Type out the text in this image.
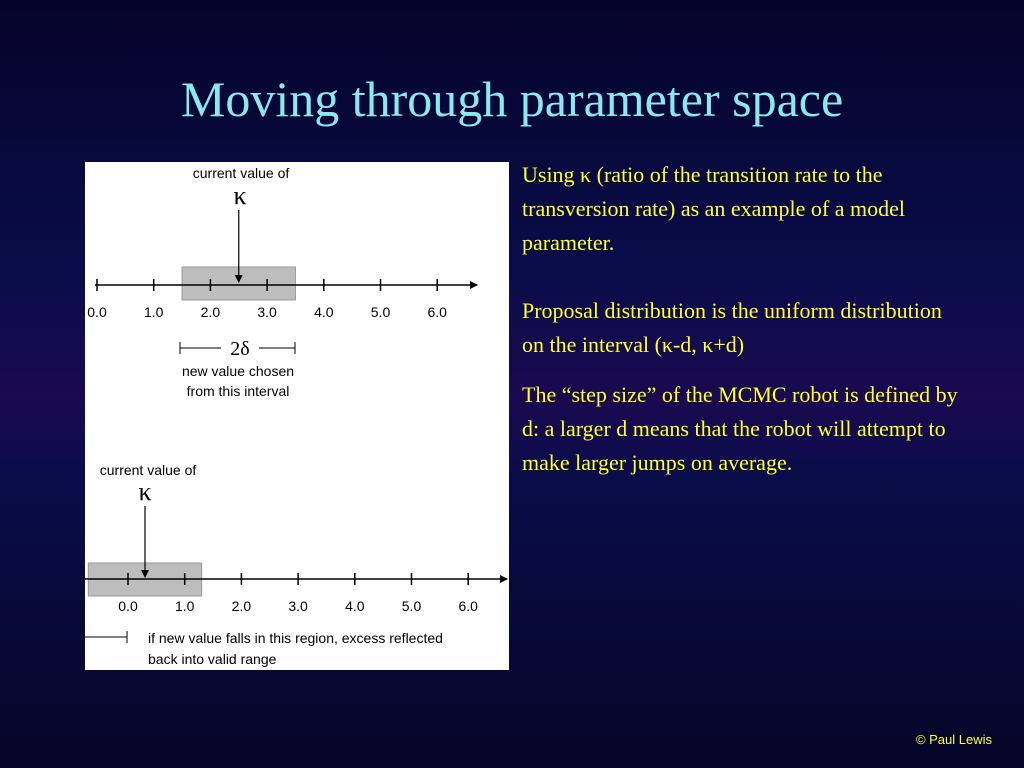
Moving through parameter space
current value of
κ
0.0	1.0	2.0	3.0	4.0	5.0	6.0
2δ
new value chosen
from this interval
current value of
κ
0.0	1.0	2.0	3.0	4.0	5.0	6.0
if new value falls in this region, excess reflected
back into valid range

Using κ (ratio of the transition rate to the transversion rate) as an example of a model parameter.

Proposal distribution is the uniform distribution on the interval (κ-d, κ+d)

The “step size” of the MCMC robot is defined by d: a larger d means that the robot will attempt to make larger jumps on average.

© Paul Lewis
